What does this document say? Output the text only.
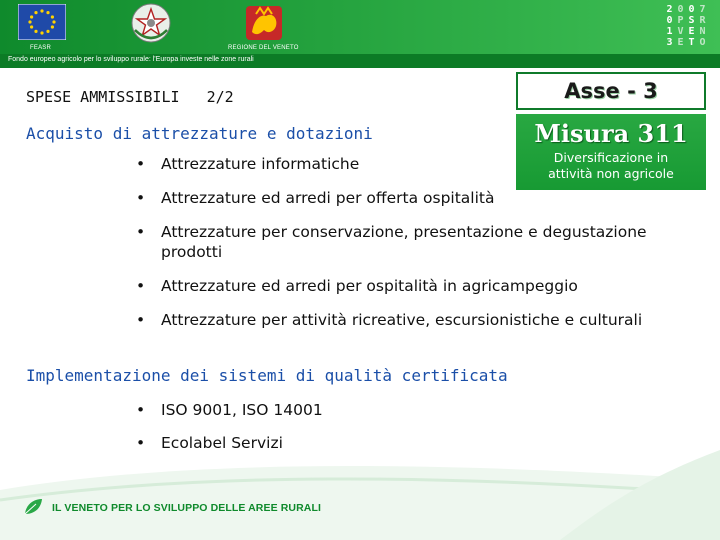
FEASR	REGIONE DEL VENETO
Fondo europeo agricolo per lo sviluppo rurale: l'Europa investe nelle zone rurali
2 0 0 7
0 P S R
1 V E N
3 E T O
Asse - 3
Misura 311
Diversificazione in
attività non agricole
SPESE AMMISSIBILI   2/2
Acquisto di attrezzature e dotazioni
• Attrezzature informatiche
• Attrezzature ed arredi per offerta ospitalità
• Attrezzature per conservazione, presentazione e degustazione prodotti
• Attrezzature ed arredi per ospitalità in agricampeggio
• Attrezzature per attività ricreative, escursionistiche e culturali
Implementazione dei sistemi di qualità certificata
• ISO 9001, ISO 14001
• Ecolabel Servizi
IL VENETO PER LO SVILUPPO DELLE AREE RURALI
